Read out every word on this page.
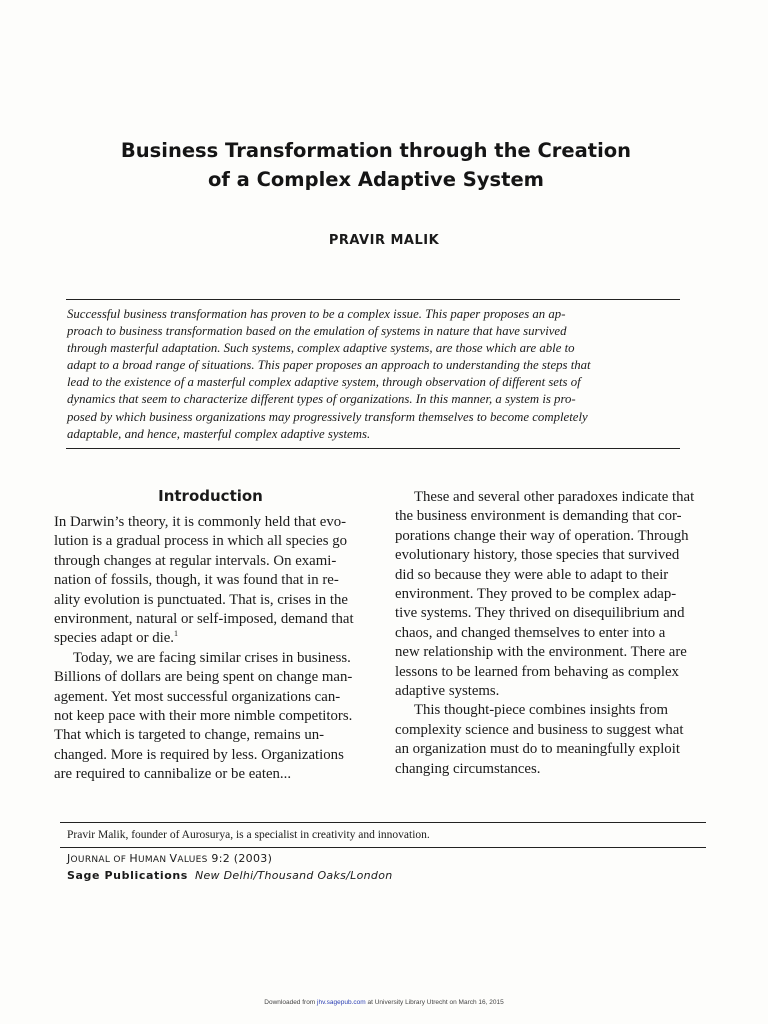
Business Transformation through the Creation
of a Complex Adaptive System
PRAVIR MALIK
Successful business transformation has proven to be a complex issue. This paper proposes an ap-
proach to business transformation based on the emulation of systems in nature that have survived
through masterful adaptation. Such systems, complex adaptive systems, are those which are able to
adapt to a broad range of situations. This paper proposes an approach to understanding the steps that
lead to the existence of a masterful complex adaptive system, through observation of different sets of
dynamics that seem to characterize different types of organizations. In this manner, a system is pro-
posed by which business organizations may progressively transform themselves to become completely
adaptable, and hence, masterful complex adaptive systems.
Introduction
In Darwin’s theory, it is commonly held that evo-
lution is a gradual process in which all species go
through changes at regular intervals. On exami-
nation of fossils, though, it was found that in re-
ality evolution is punctuated. That is, crises in the
environment, natural or self-imposed, demand that
species adapt or die.$^1$
Today, we are facing similar crises in business.
Billions of dollars are being spent on change man-
agement. Yet most successful organizations can-
not keep pace with their more nimble competitors.
That which is targeted to change, remains un-
changed. More is required by less. Organizations
are required to cannibalize or be eaten...
These and several other paradoxes indicate that
the business environment is demanding that cor-
porations change their way of operation. Through
evolutionary history, those species that survived
did so because they were able to adapt to their
environment. They proved to be complex adap-
tive systems. They thrived on disequilibrium and
chaos, and changed themselves to enter into a
new relationship with the environment. There are
lessons to be learned from behaving as complex
adaptive systems.
This thought-piece combines insights from
complexity science and business to suggest what
an organization must do to meaningfully exploit
changing circumstances.
Pravir Malik, founder of Aurosurya, is a specialist in creativity and innovation.
JOURNAL OF HUMAN VALUES 9:2 (2003)
Sage Publications New Delhi/Thousand Oaks/London
Downloaded from jhv.sagepub.com at University Library Utrecht on March 16, 2015
